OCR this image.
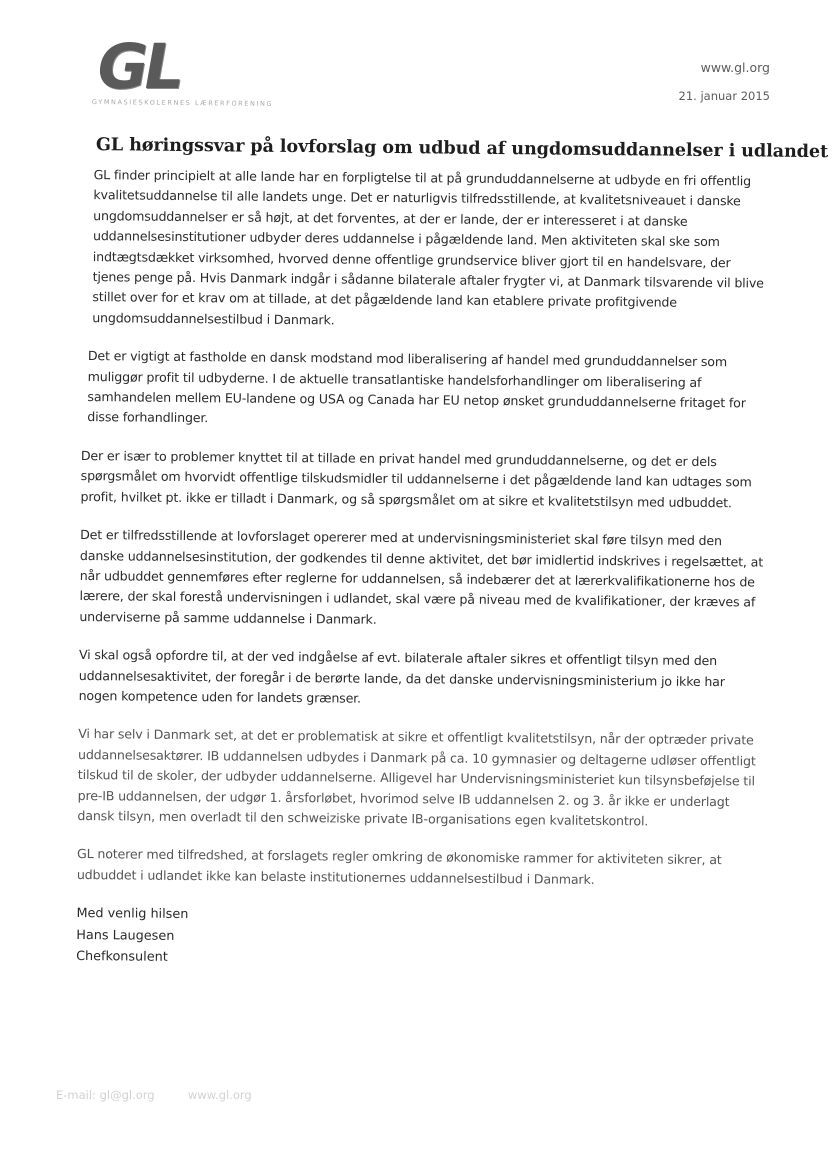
GL
GYMNASIESKOLERNES LÆRERFORENING
www.gl.org
21. januar 2015
GL høringssvar på lovforslag om udbud af ungdomsuddannelser i udlandet

GL finder principielt at alle lande har en forpligtelse til at på grunduddannelserne at udbyde en fri offentlig kvalitetsuddannelse til alle landets unge. Det er naturligvis tilfredsstillende, at kvalitetsniveauet i danske ungdomsuddannelser er så højt, at det forventes, at der er lande, der er interesseret i at danske uddannelsesinstitutioner udbyder deres uddannelse i pågældende land. Men aktiviteten skal ske som indtægtsdækket virksomhed, hvorved denne offentlige grundservice bliver gjort til en handelsvare, der tjenes penge på. Hvis Danmark indgår i sådanne bilaterale aftaler frygter vi, at Danmark tilsvarende vil blive stillet over for et krav om at tillade, at det pågældende land kan etablere private profitgivende ungdomsuddannelsestilbud i Danmark.

Det er vigtigt at fastholde en dansk modstand mod liberalisering af handel med grunduddannelser som muliggør profit til udbyderne. I de aktuelle transatlantiske handelsforhandlinger om liberalisering af samhandelen mellem EU-landene og USA og Canada har EU netop ønsket grunduddannelserne fritaget for disse forhandlinger.

Der er især to problemer knyttet til at tillade en privat handel med grunduddannelserne, og det er dels spørgsmålet om hvorvidt offentlige tilskudsmidler til uddannelserne i det pågældende land kan udtages som profit, hvilket pt. ikke er tilladt i Danmark, og så spørgsmålet om at sikre et kvalitetstilsyn med udbuddet.

Det er tilfredsstillende at lovforslaget opererer med at undervisningsministeriet skal føre tilsyn med den danske uddannelsesinstitution, der godkendes til denne aktivitet, det bør imidlertid indskrives i regelsættet, at når udbuddet gennemføres efter reglerne for uddannelsen, så indebærer det at lærerkvalifikationerne hos de lærere, der skal forestå undervisningen i udlandet, skal være på niveau med de kvalifikationer, der kræves af underviserne på samme uddannelse i Danmark.

Vi skal også opfordre til, at der ved indgåelse af evt. bilaterale aftaler sikres et offentligt tilsyn med den uddannelsesaktivitet, der foregår i de berørte lande, da det danske undervisningsministerium jo ikke har nogen kompetence uden for landets grænser.

Vi har selv i Danmark set, at det er problematisk at sikre et offentligt kvalitetstilsyn, når der optræder private uddannelsesaktører. IB uddannelsen udbydes i Danmark på ca. 10 gymnasier og deltagerne udløser offentligt tilskud til de skoler, der udbyder uddannelserne. Alligevel har Undervisningsministeriet kun tilsynsbeføjelse til pre-IB uddannelsen, der udgør 1. årsforløbet, hvorimod selve IB uddannelsen 2. og 3. år ikke er underlagt dansk tilsyn, men overladt til den schweiziske private IB-organisations egen kvalitetskontrol.

GL noterer med tilfredshed, at forslagets regler omkring de økonomiske rammer for aktiviteten sikrer, at udbuddet i udlandet ikke kan belaste institutionernes uddannelsestilbud i Danmark.

Med venlig hilsen
Hans Laugesen
Chefkonsulent
E-mail: gl@gl.org	www.gl.org
